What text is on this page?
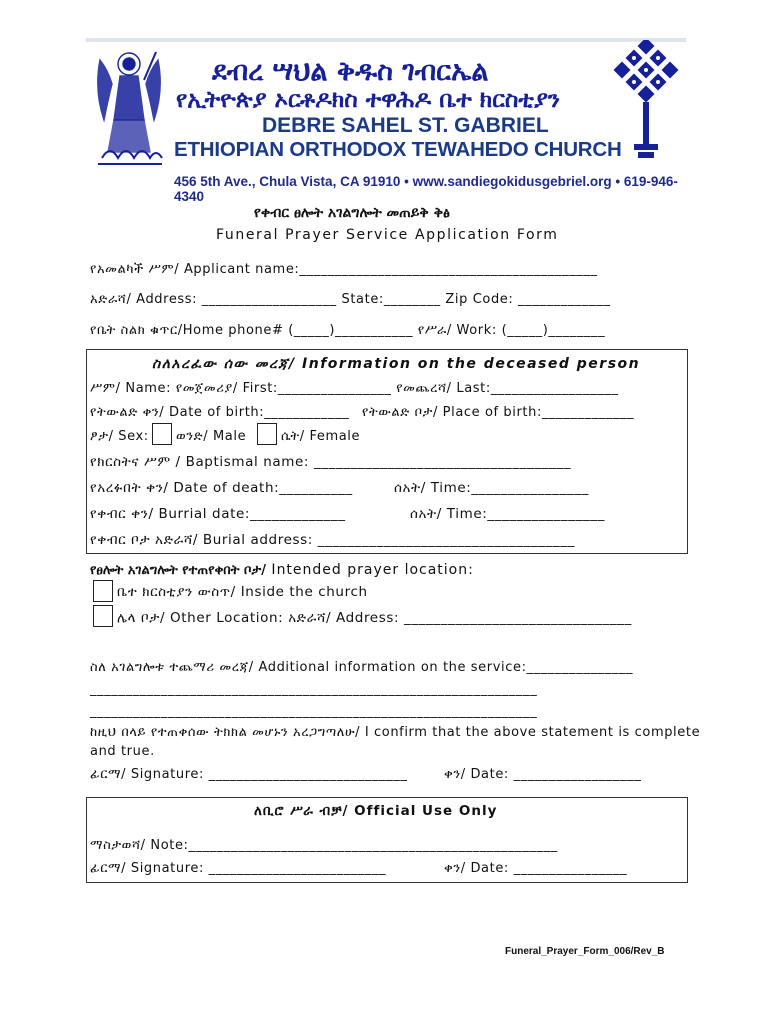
ደብረ ሣህል ቅዱስ ገብርኤል
የኢትዮጵያ ኦርቶዶክስ ተዋሕዶ ቤተ ክርስቲያን
DEBRE SAHEL ST. GABRIEL
ETHIOPIAN ORTHODOX TEWAHEDO CHURCH
456 5th Ave., Chula Vista, CA 91910 • www.sandiegokidusgebriel.org • 619-946-4340
የቀብር ፀሎት አገልግሎት መጠይቅ ቅፅ
Funeral Prayer Service Application Form
የአመልካች ሥም/ Applicant name:__________________________________________
አድራሻ/ Address: ___________________ State:________ Zip Code: _____________
የቤት ስልክ ቁጥር/Home phone# (_____)___________ የሥራ/ Work: (_____)________
ስለአረፈው ሰው መረጃ/ Information on the deceased person
ሥም/ Name: የመጀመሪያ/ First:________________ የመጨረሻ/ Last:__________________
የትውልድ ቀን/ Date of birth:____________ የትውልድ ቦታ/ Place of birth:_____________
ፆታ/ Sex: ወንድ/ Male	ሴት/ Female
የክርስትና ሥም / Baptismal name: ___________________________________
የአረፉበት ቀን/ Date of death:__________	ሰአት/ Time:________________
የቀብር ቀን/ Burrial date:_____________	ሰአት/ Time:________________
የቀብር ቦታ አድራሻ/ Burial address: ___________________________________
የፀሎት አገልግሎት የተጠየቀበት ቦታ/ Intended prayer location:
ቤተ ክርስቲያን ውስጥ/ Inside the church
ሌላ ቦታ/ Other Location: አድራሻ/ Address: _______________________________
ስለ አገልግሎቱ ተጨማሪ መረጃ/ Additional information on the service:_______________
_______________________________________________________________
_______________________________________________________________
ከዚህ በላይ የተጠቀሰው ትክክል መሆኑን አረጋግጣለሁ/ I confirm that the above statement is complete
and true.
ፊርማ/ Signature: ____________________________	ቀን/ Date: __________________
ለቢሮ ሥራ ብቻ/ Official Use Only
ማስታወሻ/ Note:____________________________________________________
ፊርማ/ Signature: _________________________	ቀን/ Date: ________________
Funeral_Prayer_Form_006/Rev_B
